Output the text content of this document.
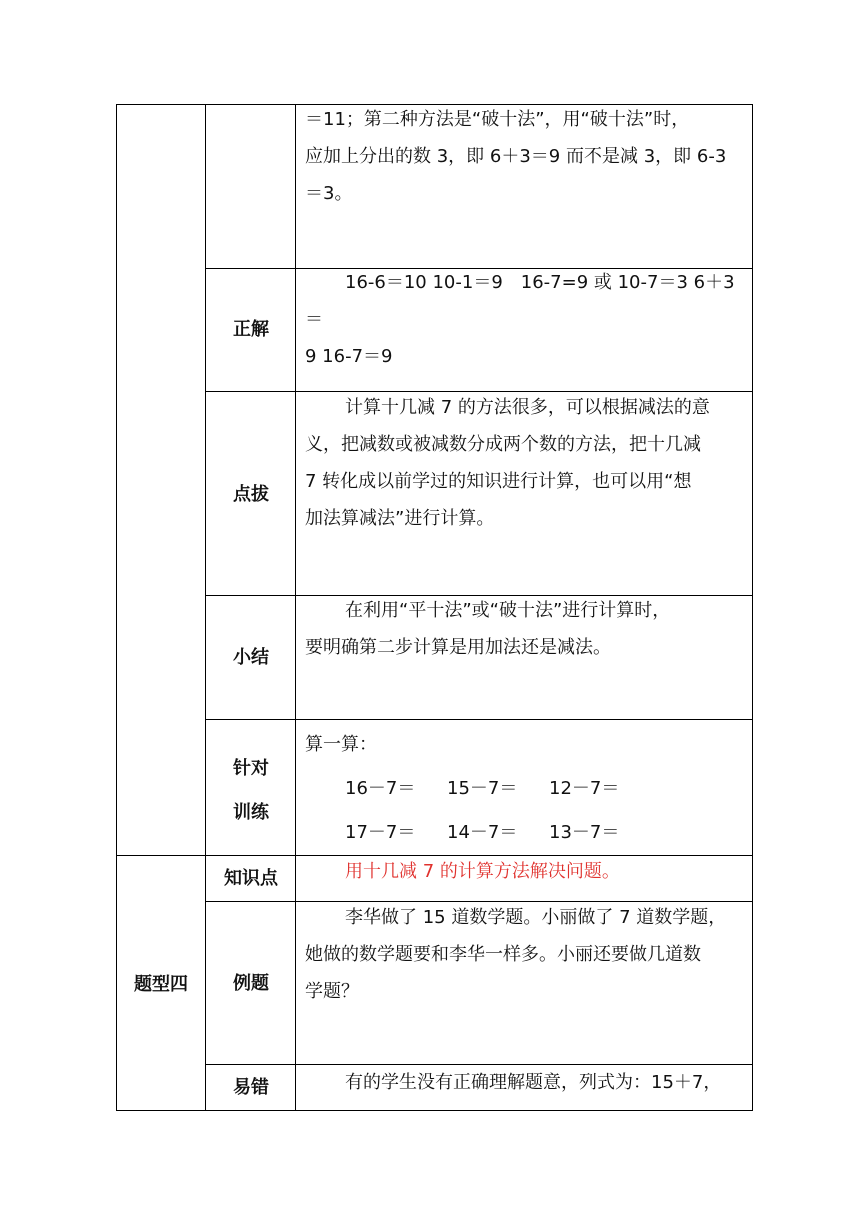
＝11；第二种方法是“破十法”，用“破十法”时，

应加上分出的数 3，即 6＋3＝9 而不是减 3，即 6-3

＝3。

正解

16-6＝10 10-1＝9　16-7=9 或 10-7＝3 6＋3＝

9 16-7＝9

点拔

计算十几减 7 的方法很多，可以根据减法的意

义，把减数或被减数分成两个数的方法，把十几减

7 转化成以前学过的知识进行计算，也可以用“想

加法算减法”进行计算。

小结

在利用“平十法”或“破十法”进行计算时，

要明确第二步计算是用加法还是减法。

针对
训练
算一算：
16－7＝ 15－7＝ 12－7＝
17－7＝ 14－7＝ 13－7＝
题型四
知识点	用十几减 7 的计算方法解决问题。

例题

李华做了 15 道数学题。小丽做了 7 道数学题，

她做的数学题要和李华一样多。小丽还要做几道数

学题？

易错	有的学生没有正确理解题意，列式为：15＋7，
